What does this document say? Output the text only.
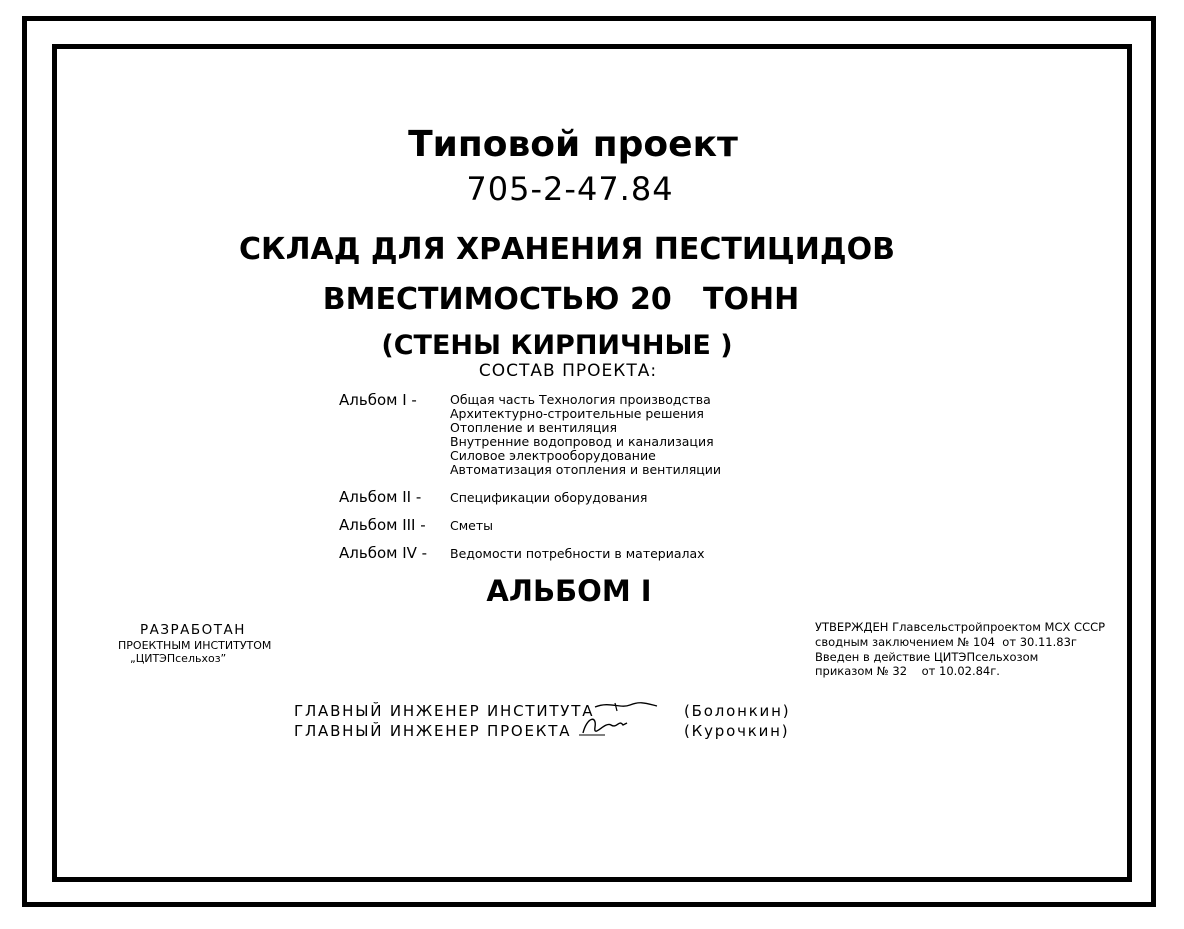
Типовой проект
705-2-47.84
СКЛАД ДЛЯ ХРАНЕНИЯ ПЕСТИЦИДОВ
ВМЕСТИМОСТЬЮ 20   ТОНН
(СТЕНЫ КИРПИЧНЫЕ )
СОСТАВ ПРОЕКТА:
Альбом I -	Общая часть Технология производства
Архитектурно-строительные решения
Отопление и вентиляция
Внутренние водопровод и канализация
Силовое электрооборудование
Автоматизация отопления и вентиляции
Альбом II - Спецификации оборудования
Альбом III - Сметы
Альбом IV - Ведомости потребности в материалах
АЛЬБОМ I
РАЗРАБОТАН
ПРОЕКТНЫМ ИНСТИТУТОМ
„ЦИТЭПсельхоз”
УТВЕРЖДЕН Главсельстройпроектом МСХ СССР
сводным заключением № 104  от 30.11.83г
Введен в действие ЦИТЭПсельхозом
приказом № 32    от 10.02.84г.
ГЛАВНЫЙ ИНЖЕНЕР ИНСТИТУТА
ГЛАВНЫЙ ИНЖЕНЕР ПРОЕКТА
(Болонкин)
(Курочкин)
